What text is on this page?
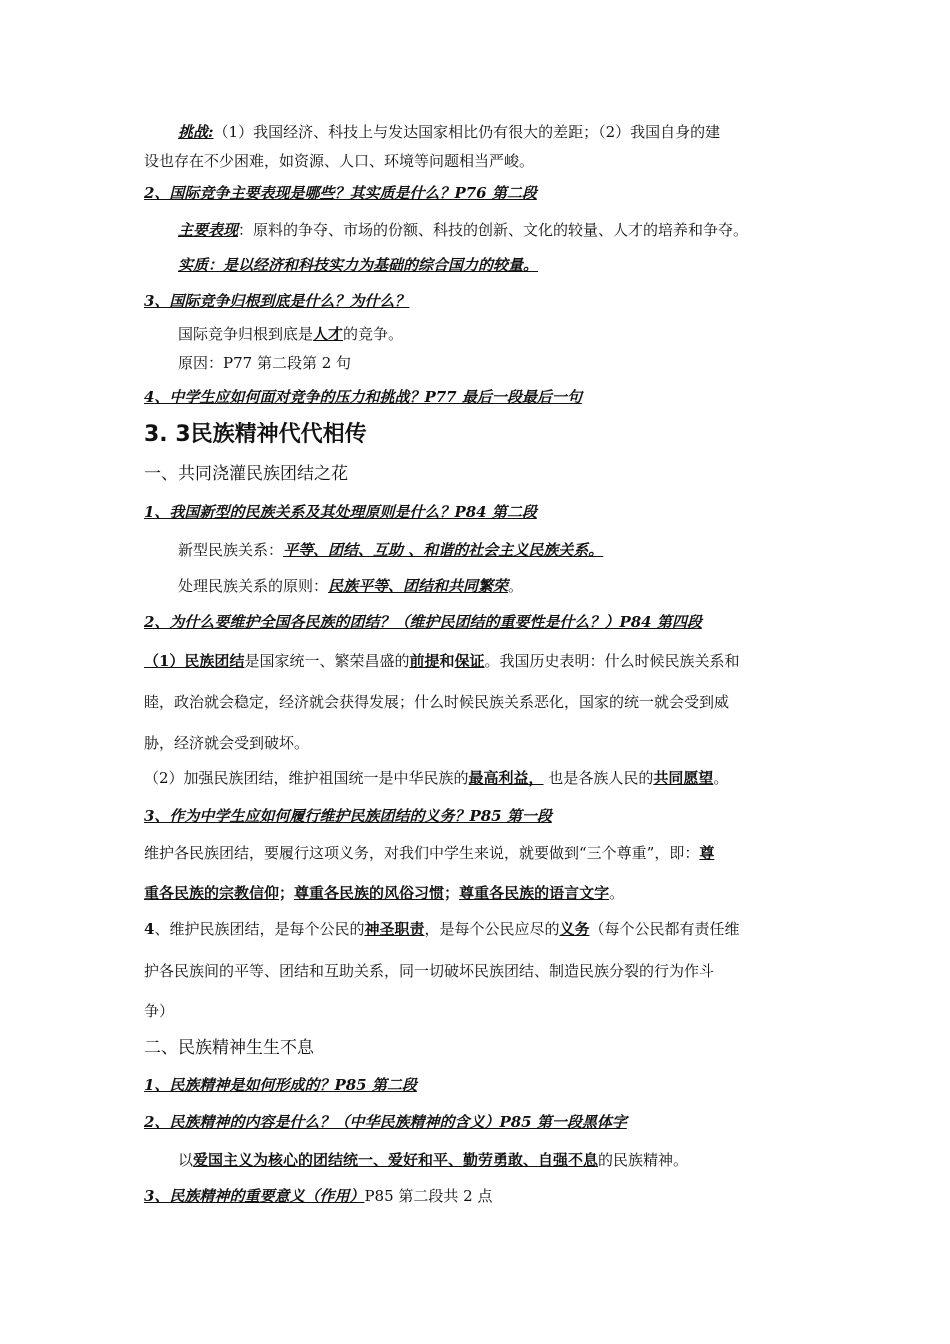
挑战:（1）我国经济、科技上与发达国家相比仍有很大的差距；（2）我国自身的建
设也存在不少困难，如资源、人口、环境等问题相当严峻。
2、国际竞争主要表现是哪些？其实质是什么？P76 第二段
主要表现：原料的争夺、市场的份额、科技的创新、文化的较量、人才的培养和争夺。
实质：是以经济和科技实力为基础的综合国力的较量。
3、国际竞争归根到底是什么？为什么？
国际竞争归根到底是人才的竞争。
原因：P77 第二段第 2 句
4、中学生应如何面对竞争的压力和挑战？P77 最后一段最后一句
3. 3民族精神代代相传
一、共同浇灌民族团结之花
1、我国新型的民族关系及其处理原则是什么？P84 第二段
新型民族关系：平等、团结、互助 、和谐的社会主义民族关系。
处理民族关系的原则：民族平等、团结和共同繁荣。
2、为什么要维护全国各民族的团结？（维护民团结的重要性是什么？）P84 第四段
（1）民族团结是国家统一、繁荣昌盛的前提和保证。我国历史表明：什么时候民族关系和
睦，政治就会稳定，经济就会获得发展；什么时候民族关系恶化，国家的统一就会受到威
胁，经济就会受到破坏。
（2）加强民族团结，维护祖国统一是中华民族的最高利益， 也是各族人民的共同愿望。
3、作为中学生应如何履行维护民族团结的义务？P85 第一段
维护各民族团结，要履行这项义务，对我们中学生来说，就要做到“三个尊重”，即：尊
重各民族的宗教信仰；尊重各民族的风俗习惯；尊重各民族的语言文字。
4、维护民族团结，是每个公民的神圣职责，是每个公民应尽的义务（每个公民都有责任维
护各民族间的平等、团结和互助关系，同一切破坏民族团结、制造民族分裂的行为作斗
争）
二、民族精神生生不息
1、民族精神是如何形成的？P85 第二段
2、民族精神的内容是什么？（中华民族精神的含义）P85 第一段黑体字
以爱国主义为核心的团结统一、爱好和平、勤劳勇敢、自强不息的民族精神。
3、民族精神的重要意义（作用）P85 第二段共 2 点
